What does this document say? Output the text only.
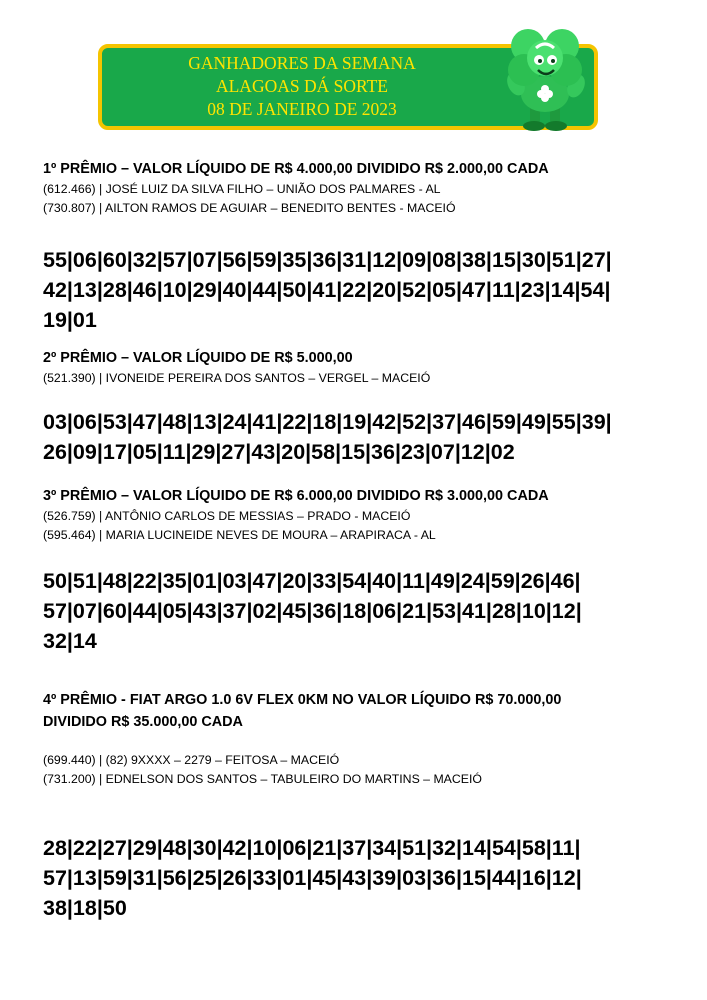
GANHADORES DA SEMANA
ALAGOAS DÁ SORTE
08 DE JANEIRO DE 2023

1º PRÊMIO – VALOR LÍQUIDO DE R$ 4.000,00 DIVIDIDO R$ 2.000,00 CADA

(612.466) | JOSÉ LUIZ DA SILVA FILHO – UNIÃO DOS PALMARES - AL

(730.807) | AILTON RAMOS DE AGUIAR – BENEDITO BENTES - MACEIÓ

55|06|60|32|57|07|56|59|35|36|31|12|09|08|38|15|30|51|27|
42|13|28|46|10|29|40|44|50|41|22|20|52|05|47|11|23|14|54|
19|01

2º PRÊMIO – VALOR LÍQUIDO DE R$ 5.000,00

(521.390) | IVONEIDE PEREIRA DOS SANTOS – VERGEL – MACEIÓ

03|06|53|47|48|13|24|41|22|18|19|42|52|37|46|59|49|55|39|
26|09|17|05|11|29|27|43|20|58|15|36|23|07|12|02

3º PRÊMIO – VALOR LÍQUIDO DE R$ 6.000,00 DIVIDIDO R$ 3.000,00 CADA

(526.759) | ANTÔNIO CARLOS DE MESSIAS – PRADO - MACEIÓ

(595.464) | MARIA LUCINEIDE NEVES DE MOURA – ARAPIRACA - AL

50|51|48|22|35|01|03|47|20|33|54|40|11|49|24|59|26|46|
57|07|60|44|05|43|37|02|45|36|18|06|21|53|41|28|10|12|
32|14

4º PRÊMIO - FIAT ARGO 1.0 6V FLEX 0KM NO VALOR LÍQUIDO R$ 70.000,00

DIVIDIDO R$ 35.000,00 CADA

(699.440) | (82) 9XXXX – 2279 – FEITOSA – MACEIÓ

(731.200) | EDNELSON DOS SANTOS – TABULEIRO DO MARTINS – MACEIÓ

28|22|27|29|48|30|42|10|06|21|37|34|51|32|14|54|58|11|
57|13|59|31|56|25|26|33|01|45|43|39|03|36|15|44|16|12|
38|18|50
